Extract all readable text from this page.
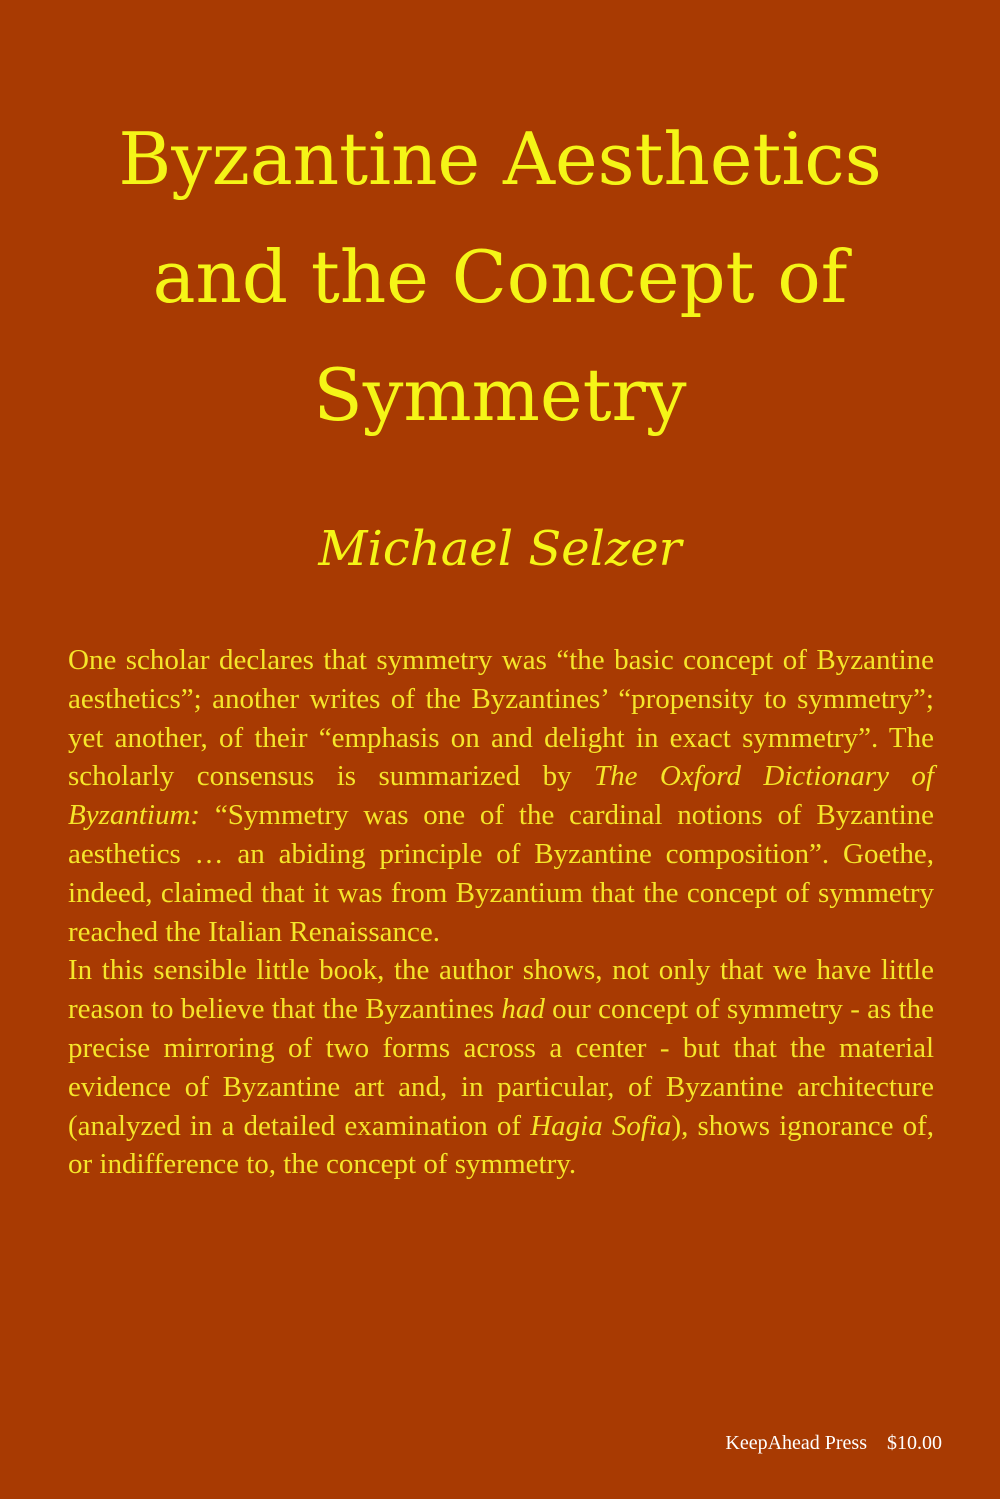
Byzantine Aesthetics and the Concept of Symmetry
Michael Selzer

One scholar declares that symmetry was “the basic concept of Byzantine aesthetics”; another writes of the Byzantines’ “propensity to symmetry”; yet another, of their “emphasis on and delight in exact symmetry”. The scholarly consensus is summarized by The Oxford Dictionary of Byzantium: “Symmetry was one of the cardinal notions of Byzantine aesthetics … an abiding principle of Byzantine composition”. Goethe, indeed, claimed that it was from Byzantium that the concept of symmetry reached the Italian Renaissance.

In this sensible little book, the author shows, not only that we have little reason to believe that the Byzantines had our concept of symmetry - as the precise mirroring of two forms across a center - but that the material evidence of Byzantine art and, in particular, of Byzantine architecture (analyzed in a detailed examination of Hagia Sofia), shows ignorance of, or indifference to, the concept of symmetry.

KeepAhead Press $10.00
